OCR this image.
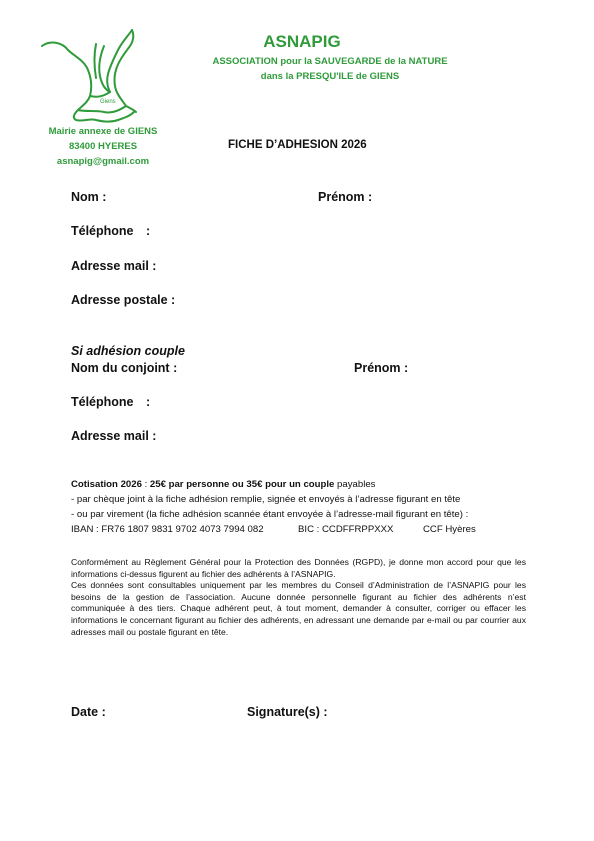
Giens
ASNAPIG
ASSOCIATION pour la SAUVEGARDE de la NATURE
dans la PRESQU'ILE de GIENS
Mairie annexe de GIENS
83400 HYERES
asnapig@gmail.com
FICHE D’ADHESION 2026
Nom :	Prénom :
Téléphone :
Adresse mail :
Adresse postale :
Si adhésion couple
Nom du conjoint :	Prénom :
Téléphone :
Adresse mail :
Cotisation 2026 : 25€ par personne ou 35€ pour un couple payables
- par chèque joint à la fiche adhésion remplie, signée et envoyés à l’adresse figurant en tête
- ou par virement (la fiche adhésion scannée étant envoyée à l’adresse-mail figurant en tête) :
IBAN : FR76 1807 9831 9702 4073 7994 082	BIC : CCDFFRPPXXX	CCF Hyères

Conformément au Règlement Général pour la Protection des Données (RGPD), je donne mon accord pour que les informations ci-dessus figurent au fichier des adhérents à l’ASNAPIG.

Ces données sont consultables uniquement par les membres du Conseil d’Administration de l’ASNAPIG pour les besoins de la gestion de l’association. Aucune donnée personnelle figurant au fichier des adhérents n’est communiquée à des tiers. Chaque adhérent peut, à tout moment, demander à consulter, corriger ou effacer les informations le concernant figurant au fichier des adhérents, en adressant une demande par e-mail ou par courrier aux adresses mail ou postale figurant en tête.

Date :	Signature(s) :
